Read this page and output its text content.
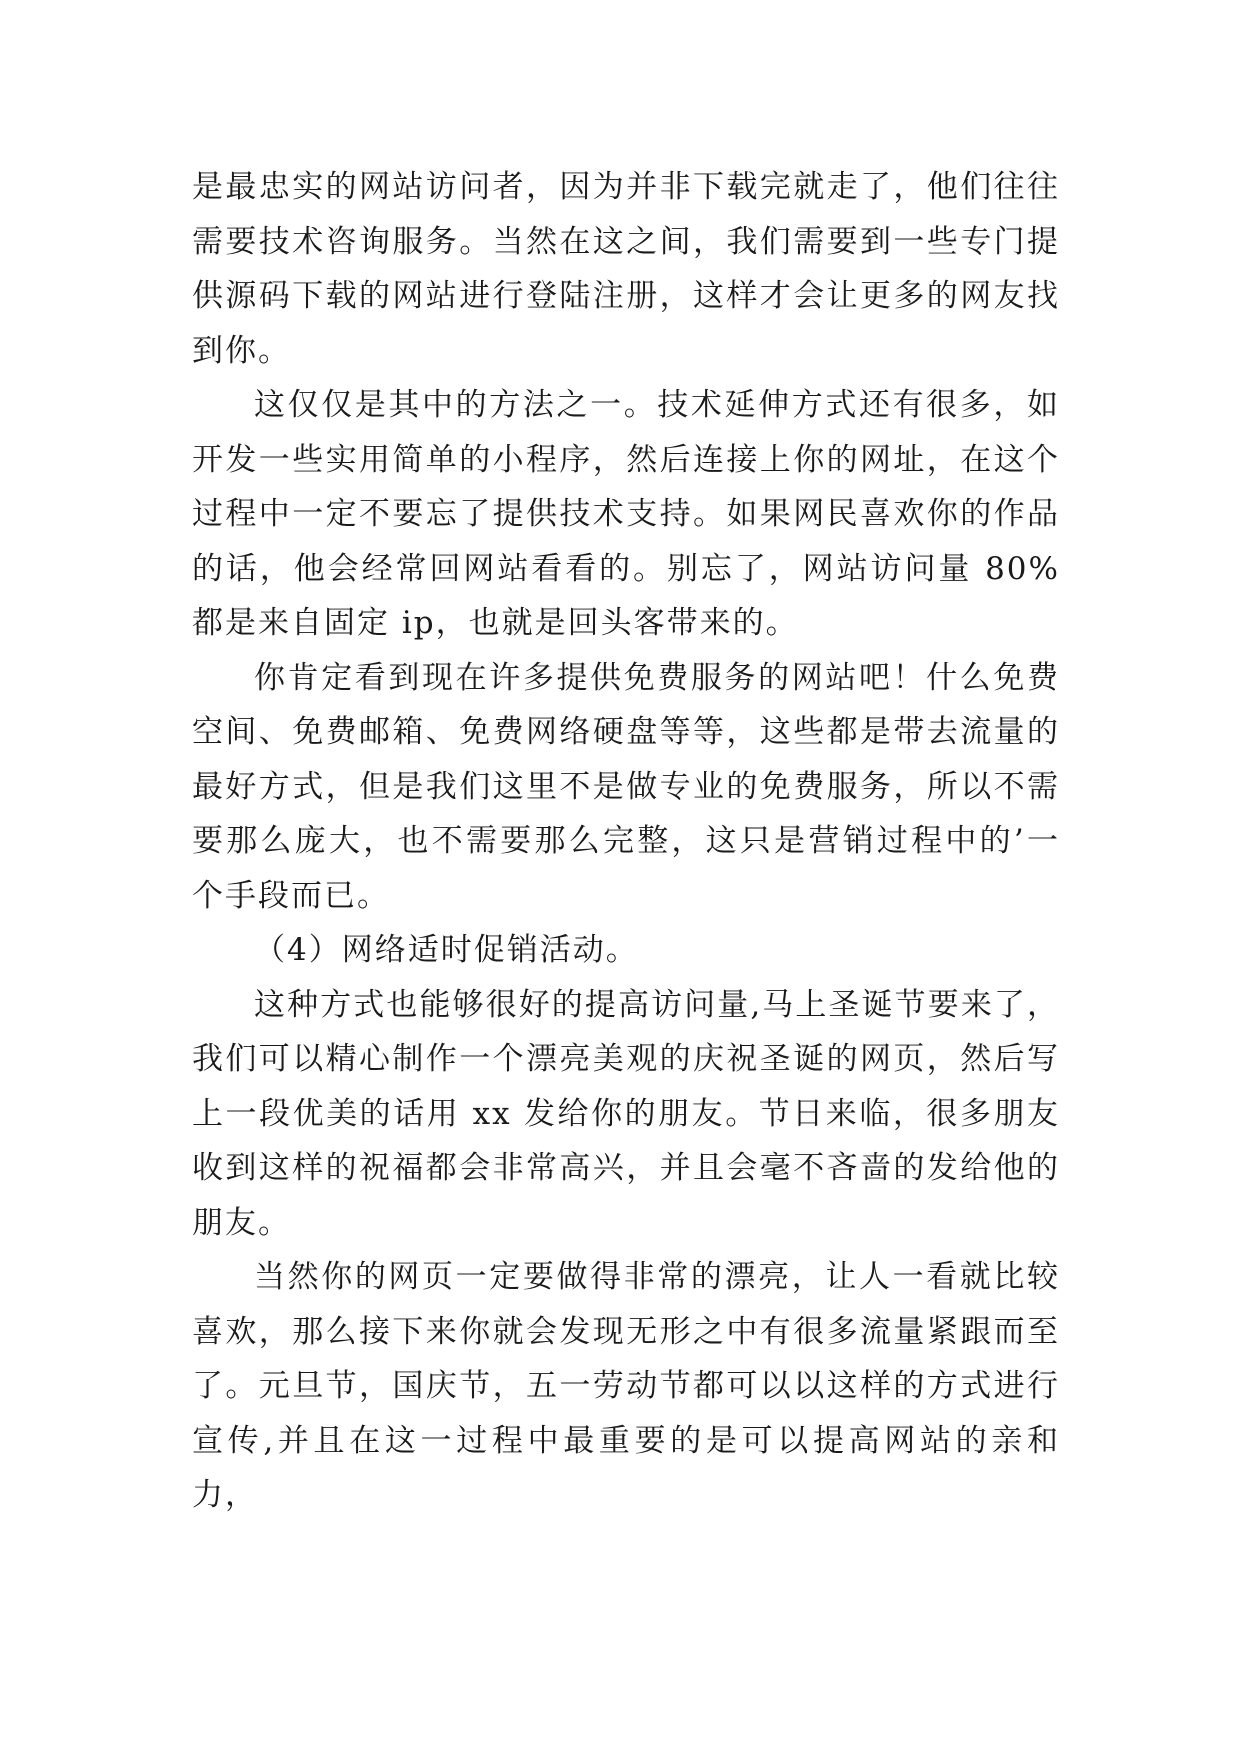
是最忠实的网站访问者，因为并非下载完就走了，他们往往需要技术咨询服务。当然在这之间，我们需要到一些专门提供源码下载的网站进行登陆注册，这样才会让更多的网友找到你。

这仅仅是其中的方法之一。技术延伸方式还有很多，如开发一些实用简单的小程序，然后连接上你的网址，在这个过程中一定不要忘了提供技术支持。如果网民喜欢你的作品的话，他会经常回网站看看的。别忘了，网站访问量 80%都是来自固定 ip，也就是回头客带来的。

你肯定看到现在许多提供免费服务的网站吧！什么免费空间、免费邮箱、免费网络硬盘等等，这些都是带去流量的最好方式，但是我们这里不是做专业的免费服务，所以不需要那么庞大，也不需要那么完整，这只是营销过程中的’一个手段而已。

（4）网络适时促销活动。

这种方式也能够很好的提高访问量,马上圣诞节要来了，我们可以精心制作一个漂亮美观的庆祝圣诞的网页，然后写上一段优美的话用 xx 发给你的朋友。节日来临，很多朋友收到这样的祝福都会非常高兴，并且会毫不吝啬的发给他的朋友。

当然你的网页一定要做得非常的漂亮，让人一看就比较喜欢，那么接下来你就会发现无形之中有很多流量紧跟而至了。元旦节，国庆节，五一劳动节都可以以这样的方式进行宣传,并且在这一过程中最重要的是可以提高网站的亲和力，
